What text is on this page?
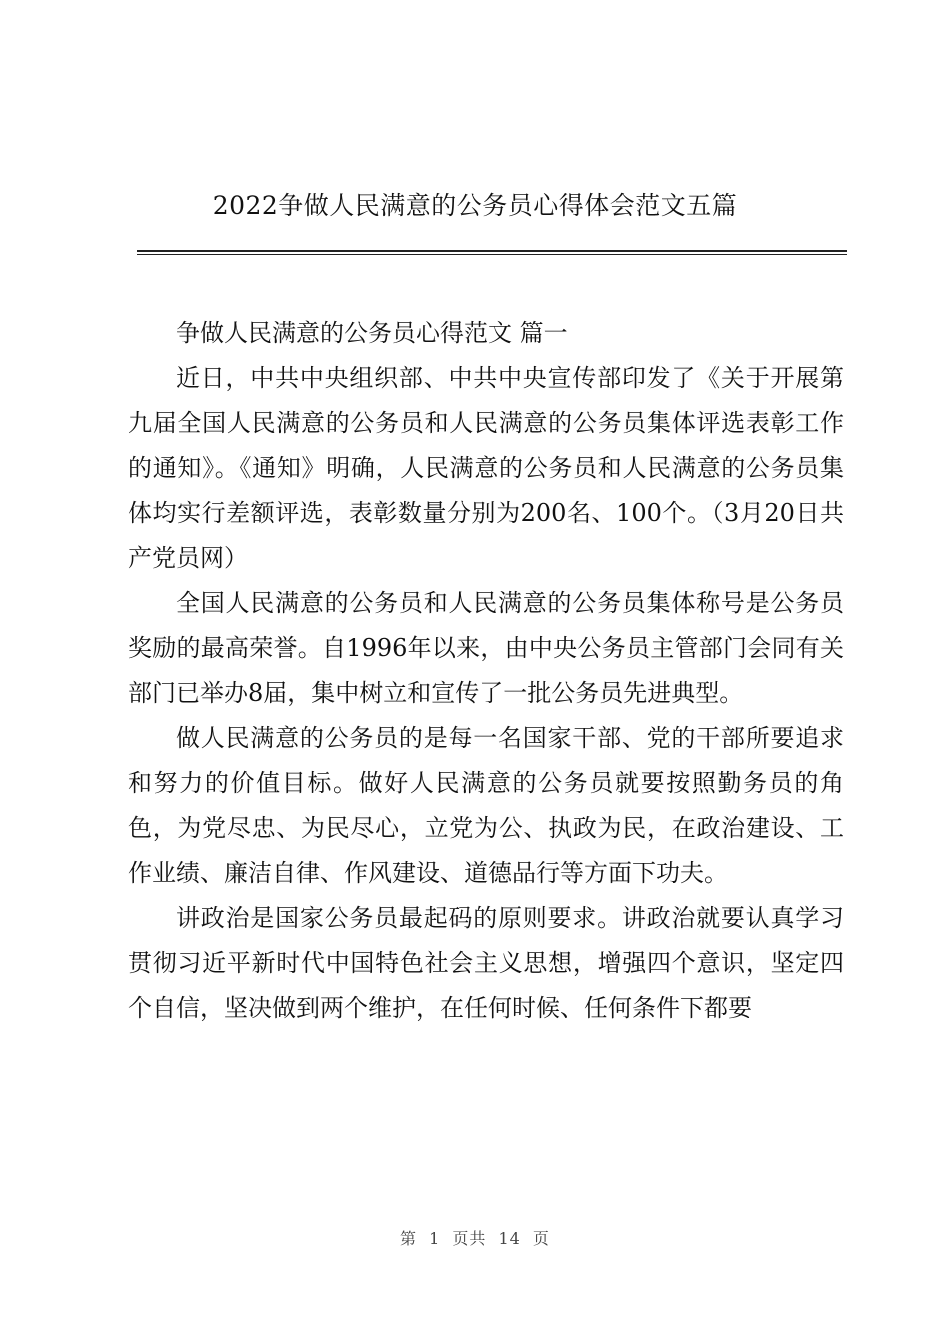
2022争做人民满意的公务员心得体会范文五篇

争做人民满意的公务员心得范文 篇一

近日，中共中央组织部、中共中央宣传部印发了《关于开展第九届全国人民满意的公务员和人民满意的公务员集体评选表彰工作的通知》。《通知》明确，人民满意的公务员和人民满意的公务员集体均实行差额评选，表彰数量分别为200名、100个。（3月20日共产党员网）

全国人民满意的公务员和人民满意的公务员集体称号是公务员奖励的最高荣誉。自1996年以来，由中央公务员主管部门会同有关部门已举办8届，集中树立和宣传了一批公务员先进典型。

做人民满意的公务员的是每一名国家干部、党的干部所要追求和努力的价值目标。做好人民满意的公务员就要按照勤务员的角色，为党尽忠、为民尽心，立党为公、执政为民，在政治建设、工作业绩、廉洁自律、作风建设、道德品行等方面下功夫。

讲政治是国家公务员最起码的原则要求。讲政治就要认真学习贯彻习近平新时代中国特色社会主义思想，增强四个意识，坚定四个自信，坚决做到两个维护，在任何时候、任何条件下都要

第 1 页共 14 页
